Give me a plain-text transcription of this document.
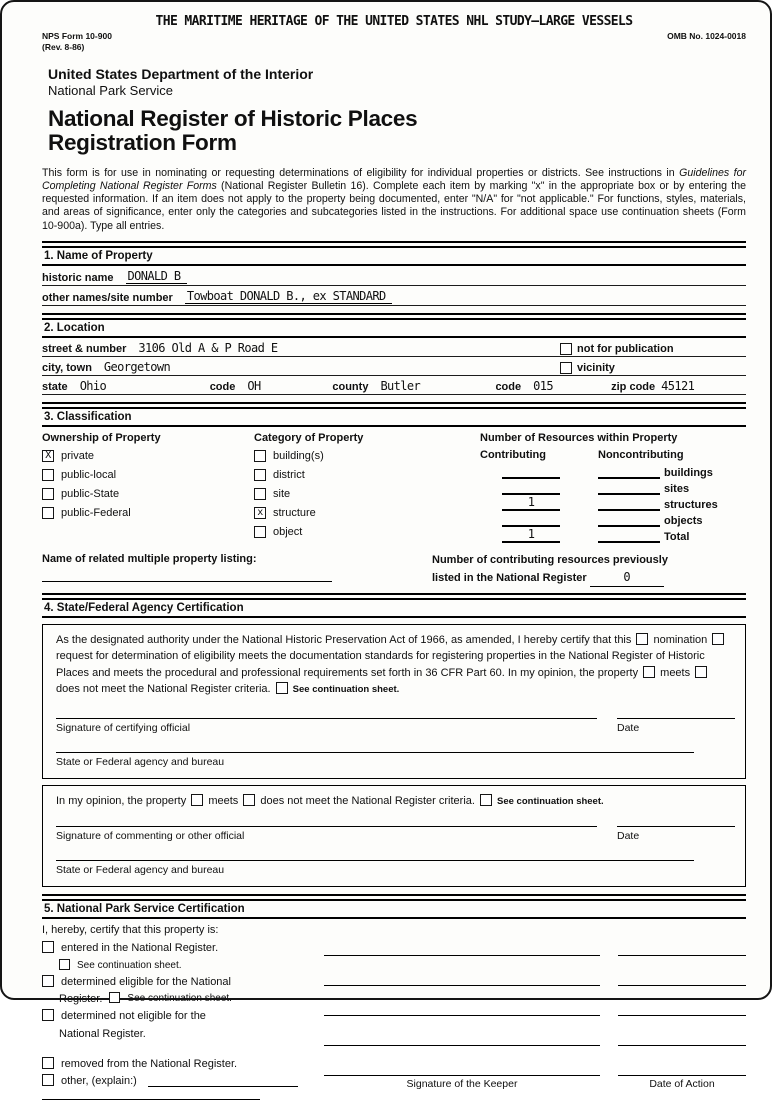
THE MARITIME HERITAGE OF THE UNITED STATES NHL STUDY—LARGE VESSELS
NPS Form 10-900
(Rev. 8-86)
OMB No. 1024-0018
United States Department of the Interior
National Park Service
National Register of Historic Places
Registration Form
This form is for use in nominating or requesting determinations of eligibility for individual properties or districts. See instructions in Guidelines for Completing National Register Forms (National Register Bulletin 16). Complete each item by marking "x" in the appropriate box or by entering the requested information. If an item does not apply to the property being documented, enter "N/A" for "not applicable." For functions, styles, materials, and areas of significance, enter only the categories and subcategories listed in the instructions. For additional space use continuation sheets (Form 10-900a). Type all entries.
1. Name of Property
historic name DONALD B
other names/site number Towboat DONALD B., ex STANDARD
2. Location
street & number 3106 Old A & P Road E	not for publication
city, town Georgetown	vicinity
state Ohio	code OH	county Butler	code 015	zip code 45121
3. Classification
Ownership of Property
X private
public-local
public-State
public-Federal
Category of Property
building(s)
district
site
x structure
object
Number of Resources within Property
Contributing	Noncontributing
buildings
sites
1	structures
objects
1	Total
Name of related multiple property listing:	Number of contributing resources previously
listed in the National Register	0
4. State/Federal Agency Certification
As the designated authority under the National Historic Preservation Act of 1966, as amended, I hereby certify that this nomination request for determination of eligibility meets the documentation standards for registering properties in the National Register of Historic Places and meets the procedural and professional requirements set forth in 36 CFR Part 60. In my opinion, the property meets does not meet the National Register criteria. See continuation sheet.
Signature of certifying official	Date
State or Federal agency and bureau
In my opinion, the property meets does not meet the National Register criteria. See continuation sheet.
Signature of commenting or other official	Date
State or Federal agency and bureau
5. National Park Service Certification
I, hereby, certify that this property is:
entered in the National Register.
See continuation sheet.
determined eligible for the National
Register.	See continuation sheet.
determined not eligible for the
National Register.
removed from the National Register.
other, (explain:)	Signature of the Keeper	Date of Action
